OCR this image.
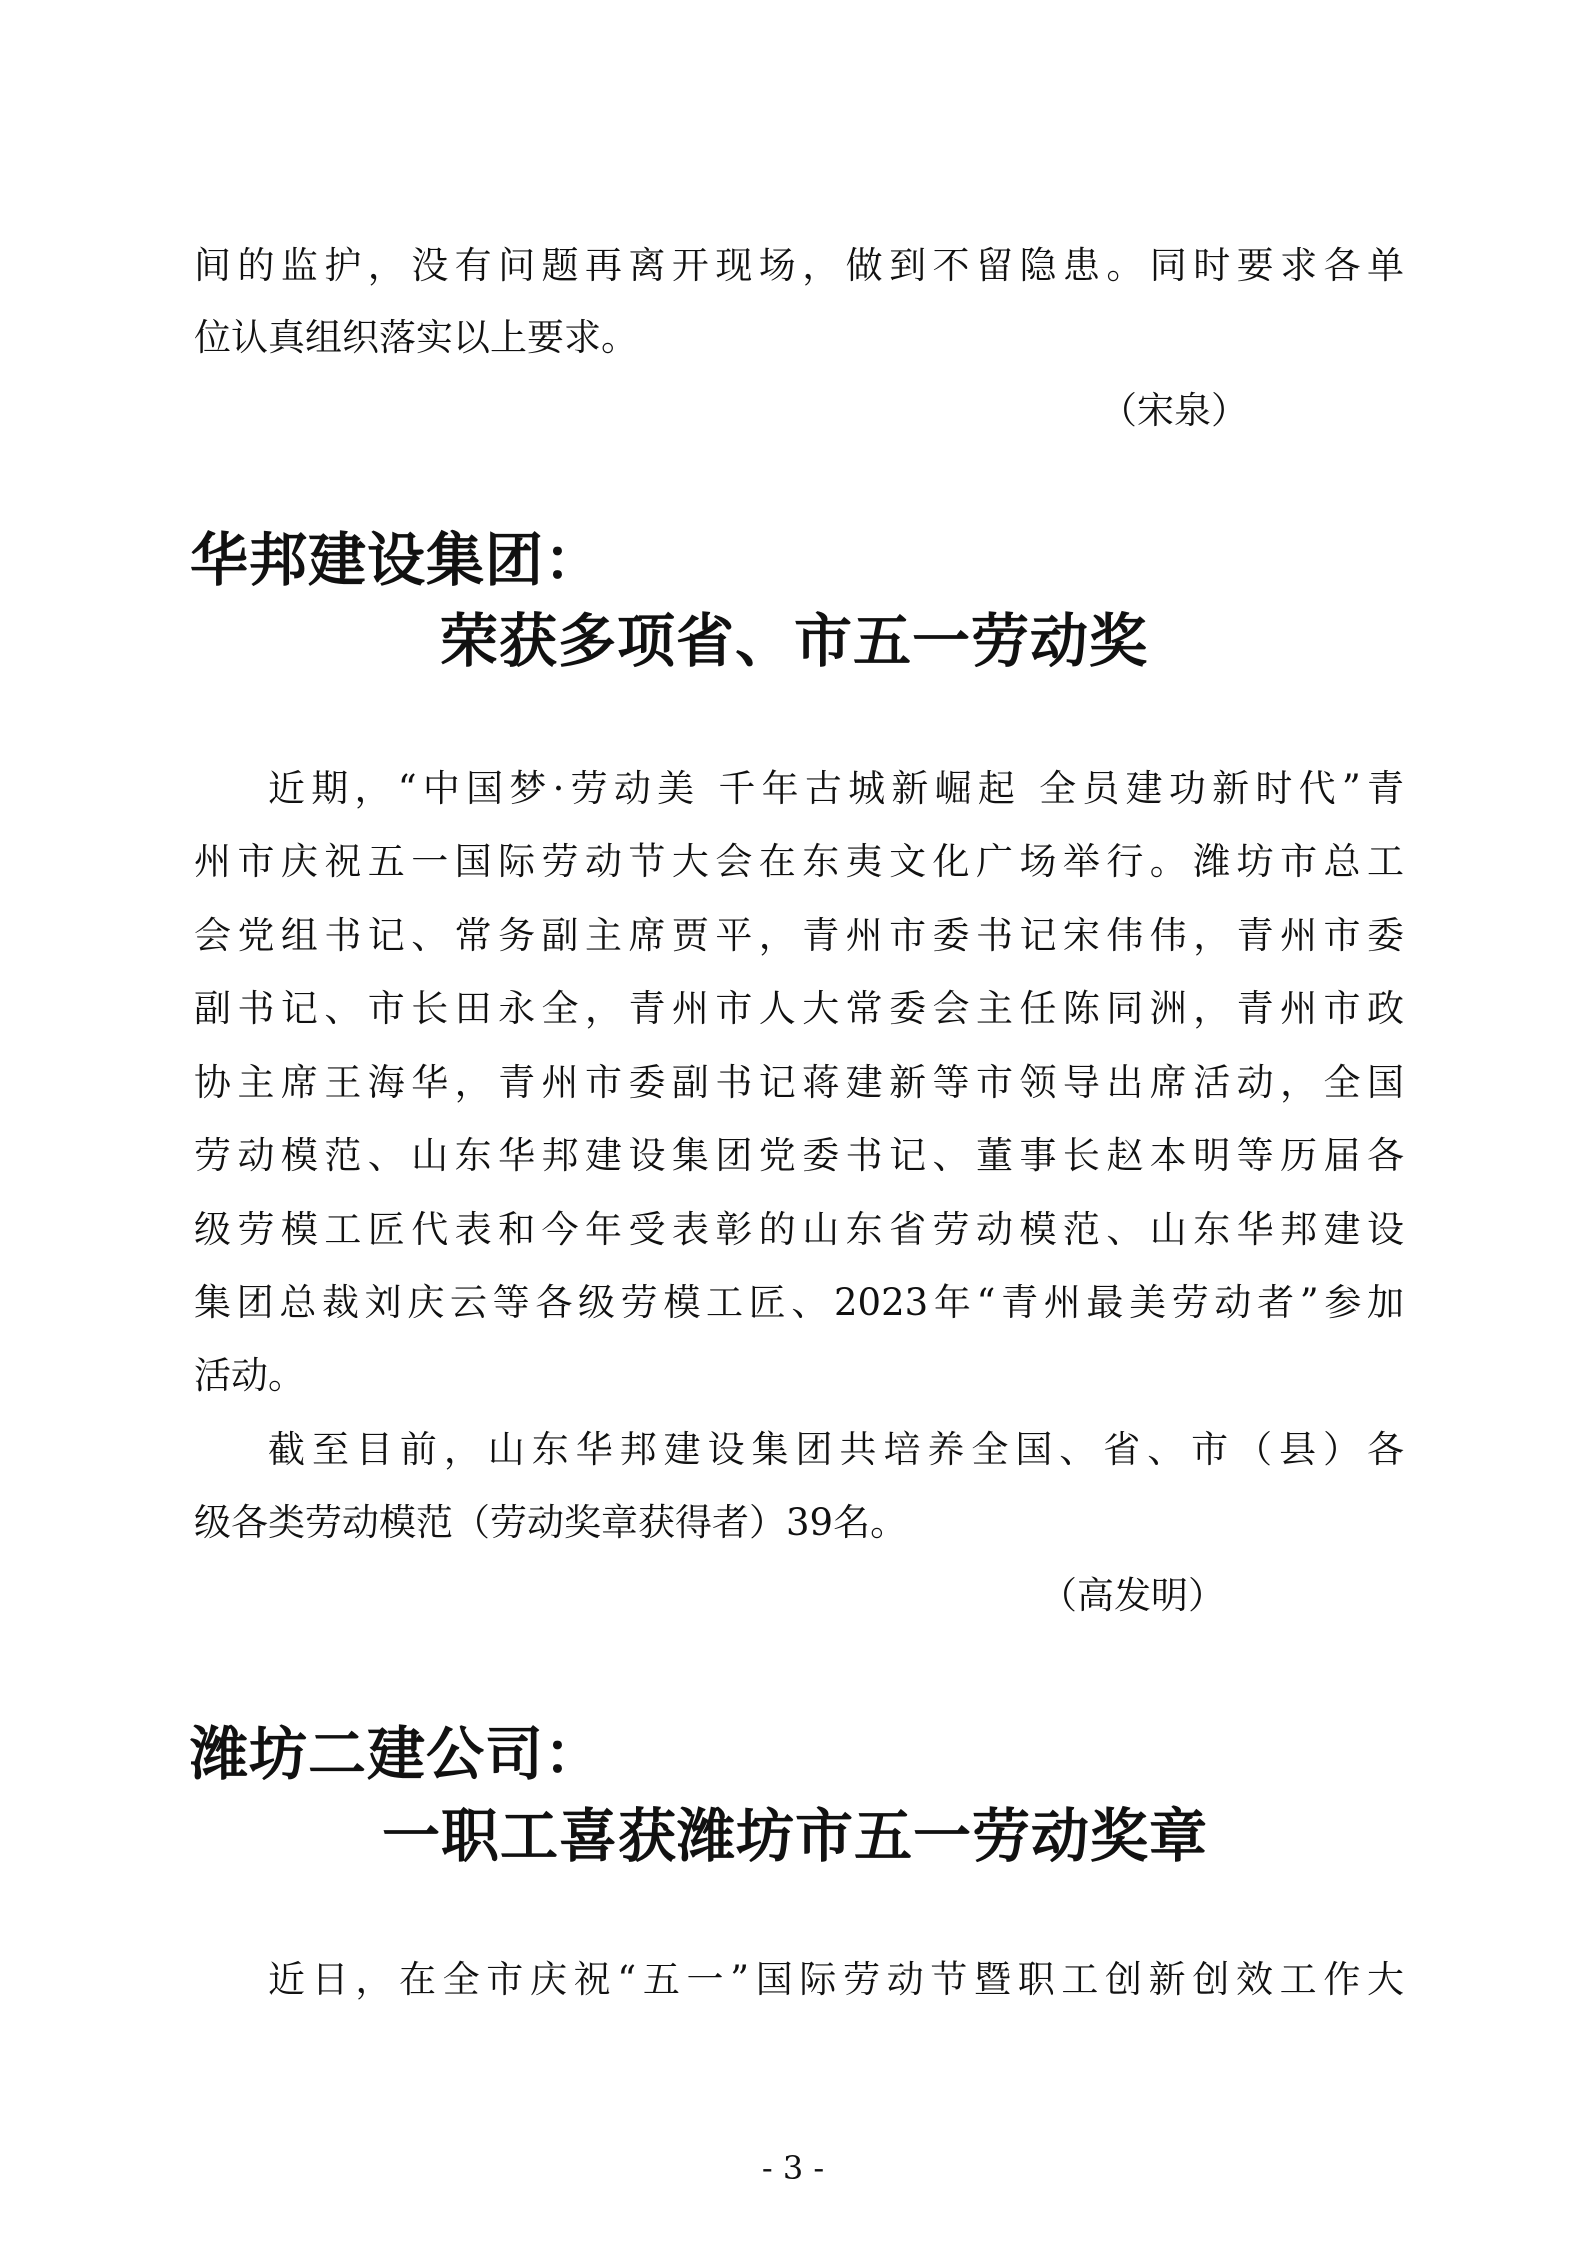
间的监护，没有问题再离开现场，做到不留隐患。同时要求各单
位认真组织落实以上要求。
（宋泉）
华邦建设集团：
荣获多项省、市五一劳动奖
近期，“中国梦·劳动美 千年古城新崛起 全员建功新时代”青
州市庆祝五一国际劳动节大会在东夷文化广场举行。潍坊市总工
会党组书记、常务副主席贾平，青州市委书记宋伟伟，青州市委
副书记、市长田永全，青州市人大常委会主任陈同洲，青州市政
协主席王海华，青州市委副书记蒋建新等市领导出席活动，全国
劳动模范、山东华邦建设集团党委书记、董事长赵本明等历届各
级劳模工匠代表和今年受表彰的山东省劳动模范、山东华邦建设
集团总裁刘庆云等各级劳模工匠、2023年“青州最美劳动者”参加
活动。
截至目前，山东华邦建设集团共培养全国、省、市（县）各
级各类劳动模范（劳动奖章获得者）39名。
（高发明）
潍坊二建公司：
一职工喜获潍坊市五一劳动奖章
近日，在全市庆祝“五一”国际劳动节暨职工创新创效工作大
- 3 -
